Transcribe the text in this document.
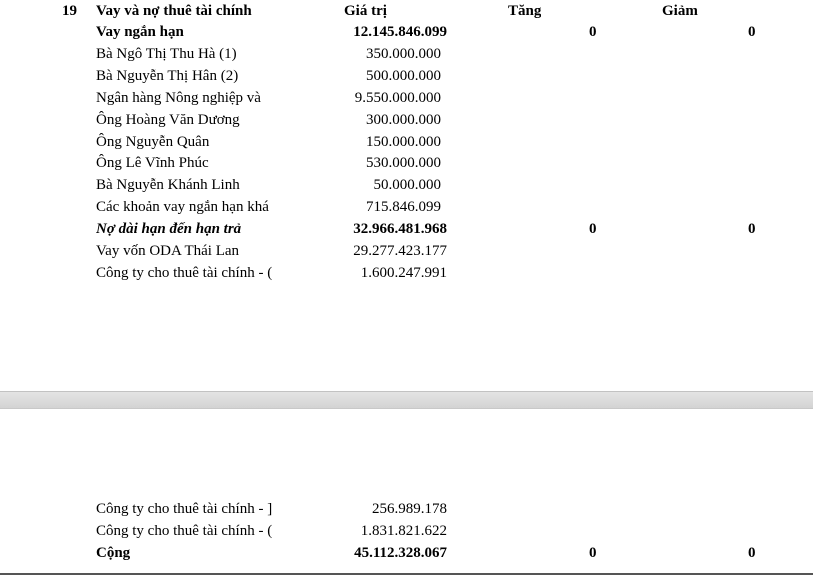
19 Vay và nợ thuê tài chính	Giá trị	Tăng	Giảm
Vay ngắn hạn	12.145.846.099	0	0
Bà Ngô Thị Thu Hà (1)	350.000.000
Bà Nguyễn Thị Hân (2)	500.000.000
Ngân hàng Nông nghiệp và	9.550.000.000
Ông Hoàng Văn Dương	300.000.000
Ông Nguyễn Quân	150.000.000
Ông Lê Vĩnh Phúc	530.000.000
Bà Nguyễn Khánh Linh	50.000.000
Các khoản vay ngắn hạn khá	715.846.099
Nợ dài hạn đến hạn trả	32.966.481.968	0	0
Vay vốn ODA Thái Lan	29.277.423.177
Công ty cho thuê tài chính - (	1.600.247.991
Công ty cho thuê tài chính - ]	256.989.178
Công ty cho thuê tài chính - (	1.831.821.622
Cộng	45.112.328.067	0	0
